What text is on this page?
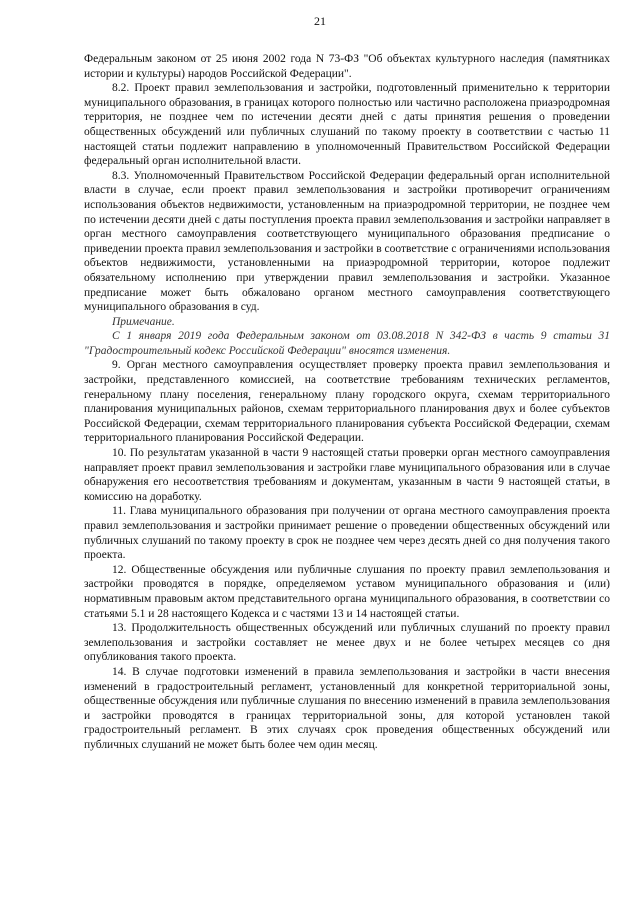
21

Федеральным законом от 25 июня 2002 года N 73-ФЗ "Об объектах культурного наследия (памятниках истории и культуры) народов Российской Федерации".

8.2. Проект правил землепользования и застройки, подготовленный применительно к территории муниципального образования, в границах которого полностью или частично расположена приаэродромная территория, не позднее чем по истечении десяти дней с даты принятия решения о проведении общественных обсуждений или публичных слушаний по такому проекту в соответствии с частью 11 настоящей статьи подлежит направлению в уполномоченный Правительством Российской Федерации федеральный орган исполнительной власти.

8.3. Уполномоченный Правительством Российской Федерации федеральный орган исполнительной власти в случае, если проект правил землепользования и застройки противоречит ограничениям использования объектов недвижимости, установленным на приаэродромной территории, не позднее чем по истечении десяти дней с даты поступления проекта правил землепользования и застройки направляет в орган местного самоуправления соответствующего муниципального образования предписание о приведении проекта правил землепользования и застройки в соответствие с ограничениями использования объектов недвижимости, установленными на приаэродромной территории, которое подлежит обязательному исполнению при утверждении правил землепользования и застройки. Указанное предписание может быть обжаловано органом местного самоуправления соответствующего муниципального образования в суд.

Примечание.

С 1 января 2019 года Федеральным законом от 03.08.2018 N 342-ФЗ в часть 9 статьи 31 "Градостроительный кодекс Российской Федерации" вносятся изменения.

9. Орган местного самоуправления осуществляет проверку проекта правил землепользования и застройки, представленного комиссией, на соответствие требованиям технических регламентов, генеральному плану поселения, генеральному плану городского округа, схемам территориального планирования муниципальных районов, схемам территориального планирования двух и более субъектов Российской Федерации, схемам территориального планирования субъекта Российской Федерации, схемам территориального планирования Российской Федерации.

10. По результатам указанной в части 9 настоящей статьи проверки орган местного самоуправления направляет проект правил землепользования и застройки главе муниципального образования или в случае обнаружения его несоответствия требованиям и документам, указанным в части 9 настоящей статьи, в комиссию на доработку.

11. Глава муниципального образования при получении от органа местного самоуправления проекта правил землепользования и застройки принимает решение о проведении общественных обсуждений или публичных слушаний по такому проекту в срок не позднее чем через десять дней со дня получения такого проекта.

12. Общественные обсуждения или публичные слушания по проекту правил землепользования и застройки проводятся в порядке, определяемом уставом муниципального образования и (или) нормативным правовым актом представительного органа муниципального образования, в соответствии со статьями 5.1 и 28 настоящего Кодекса и с частями 13 и 14 настоящей статьи.

13. Продолжительность общественных обсуждений или публичных слушаний по проекту правил землепользования и застройки составляет не менее двух и не более четырех месяцев со дня опубликования такого проекта.

14. В случае подготовки изменений в правила землепользования и застройки в части внесения изменений в градостроительный регламент, установленный для конкретной территориальной зоны, общественные обсуждения или публичные слушания по внесению изменений в правила землепользования и застройки проводятся в границах территориальной зоны, для которой установлен такой градостроительный регламент. В этих случаях срок проведения общественных обсуждений или публичных слушаний не может быть более чем один месяц.
